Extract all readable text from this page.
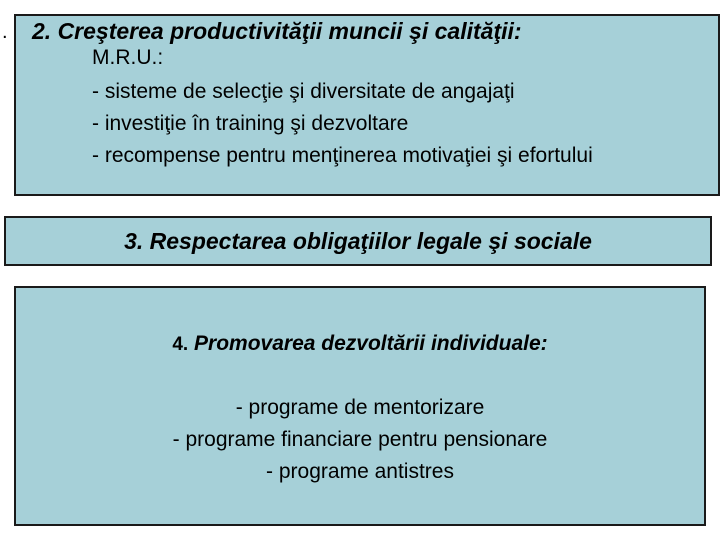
. 2. Creşterea productivităţii muncii şi calităţii:
M.R.U.:
- sisteme de selecţie şi diversitate de angajaţi
- investiţie în training şi dezvoltare
- recompense pentru menţinerea motivaţiei şi efortului
3. Respectarea obligaţiilor legale şi sociale
4. Promovarea dezvoltării individuale:
- programe de mentorizare
- programe financiare pentru pensionare
- programe antistres
